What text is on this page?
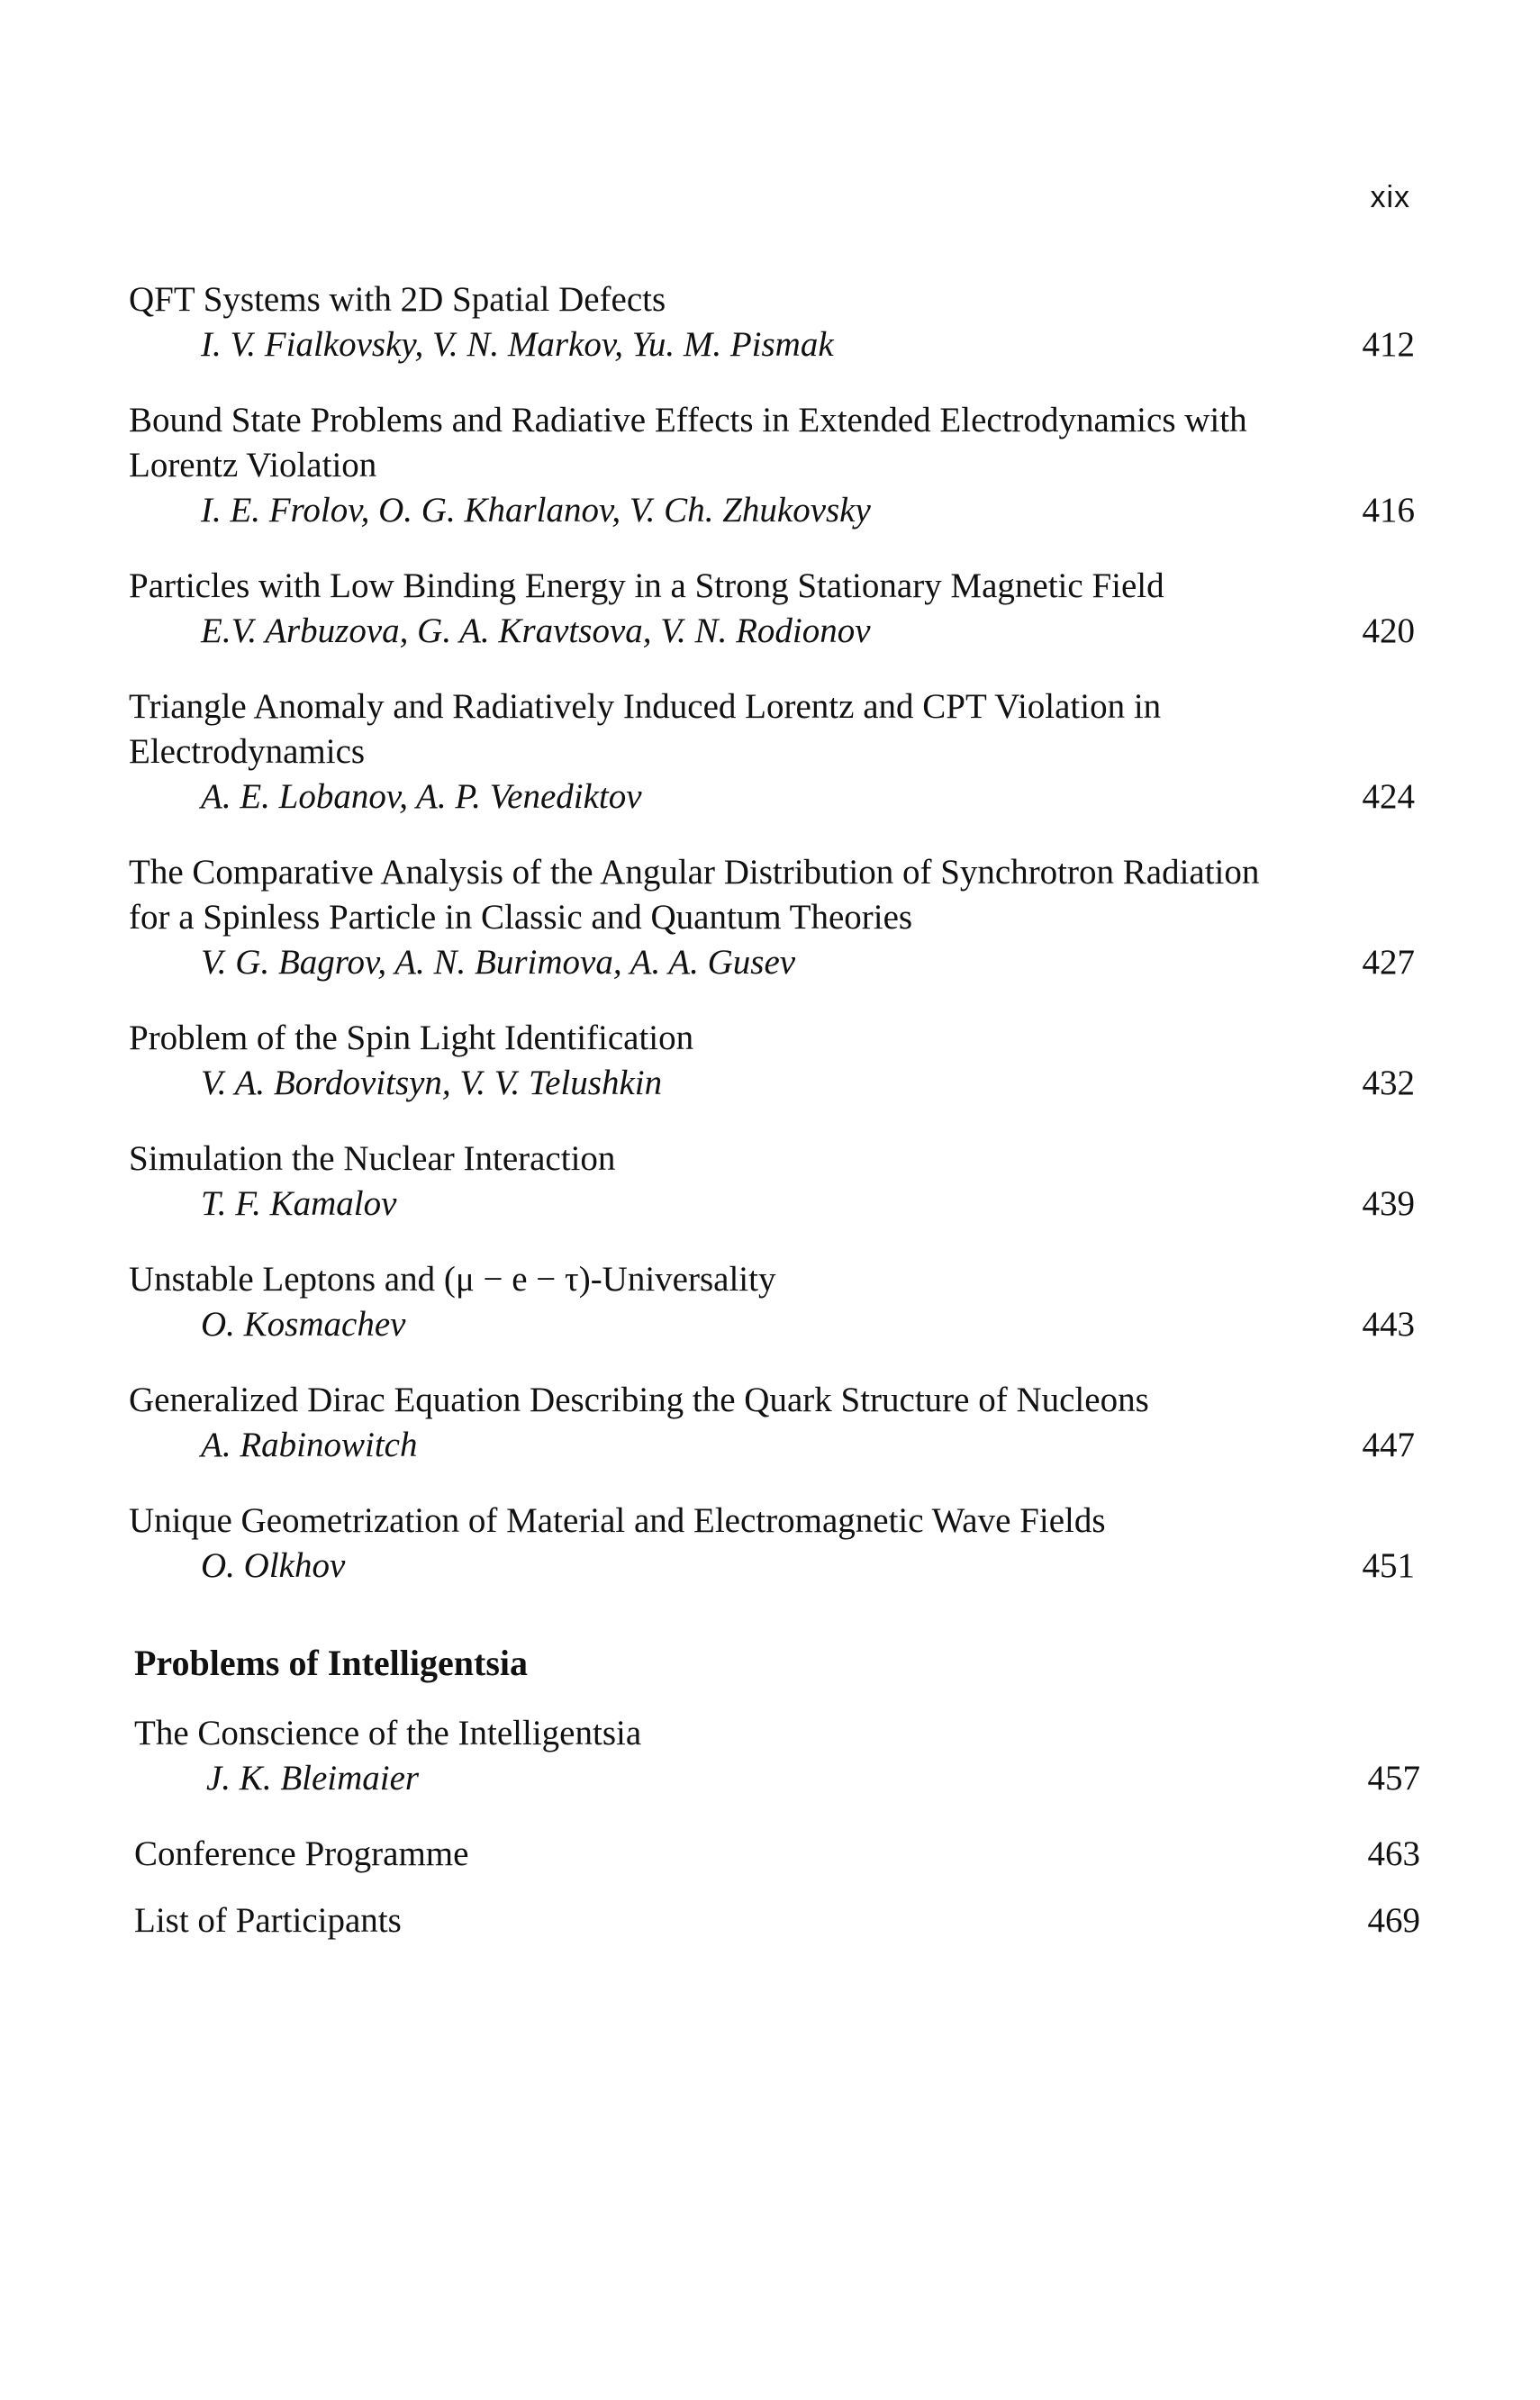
xix
QFT Systems with 2D Spatial Defects
I. V. Fialkovsky, V. N. Markov, Yu. M. Pismak	412
Bound State Problems and Radiative Effects in Extended Electrodynamics with Lorentz Violation
I. E. Frolov, O. G. Kharlanov, V. Ch. Zhukovsky	416
Particles with Low Binding Energy in a Strong Stationary Magnetic Field
E.V. Arbuzova, G. A. Kravtsova, V. N. Rodionov	420
Triangle Anomaly and Radiatively Induced Lorentz and CPT Violation in Electrodynamics
A. E. Lobanov, A. P. Venediktov	424
The Comparative Analysis of the Angular Distribution of Synchrotron Radiation for a Spinless Particle in Classic and Quantum Theories
V. G. Bagrov, A. N. Burimova, A. A. Gusev	427
Problem of the Spin Light Identification
V. A. Bordovitsyn, V. V. Telushkin	432
Simulation the Nuclear Interaction
T. F. Kamalov	439
Unstable Leptons and (μ − e − τ)-Universality
O. Kosmachev	443
Generalized Dirac Equation Describing the Quark Structure of Nucleons
A. Rabinowitch	447
Unique Geometrization of Material and Electromagnetic Wave Fields
O. Olkhov	451
Problems of Intelligentsia
The Conscience of the Intelligentsia
J. K. Bleimaier	457
Conference Programme	463
List of Participants	469
